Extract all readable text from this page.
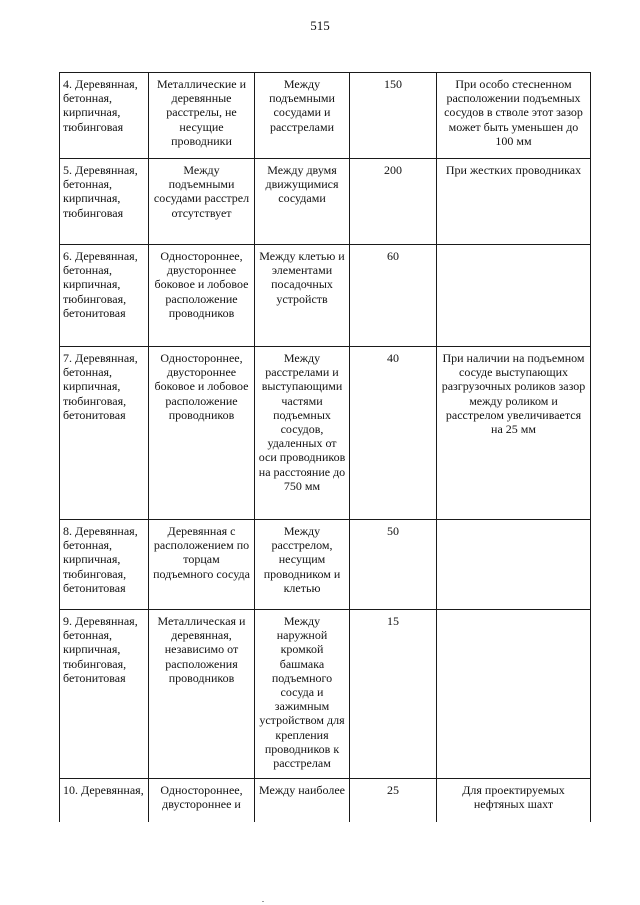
515
4. Деревянная, бетонная, кирпичная, тюбинговая	Металлические и деревянные расстрелы, не несущие проводники	Между подъемными сосудами и расстрелами	150	При особо стесненном расположении подъемных сосудов в стволе этот зазор может быть уменьшен до 100 мм

5. Деревянная, бетонная, кирпичная, тюбинговая	Между подъемными сосудами расстрел отсутствует	Между двумя движущимися сосудами	200	При жестких проводниках

6. Деревянная, бетонная, кирпичная, тюбинговая, бетонитовая	Одностороннее, двустороннее боковое и лобовое расположение проводников	Между клетью и элементами посадочных устройств	60	

7. Деревянная, бетонная, кирпичная, тюбинговая, бетонитовая	Одностороннее, двустороннее боковое и лобовое расположение проводников	Между расстрелами и выступающими частями подъемных сосудов, удаленных от оси проводников на расстояние до 750 мм	40	При наличии на подъемном сосуде выступающих разгрузочных роликов зазор между роликом и расстрелом увеличивается на 25 мм

8. Деревянная, бетонная, кирпичная, тюбинговая, бетонитовая	Деревянная с расположением по торцам подъемного сосуда	Между расстрелом, несущим проводником и клетью	50	

9. Деревянная, бетонная, кирпичная, тюбинговая, бетонитовая	Металлическая и деревянная, независимо от расположения проводников	Между наружной кромкой башмака подъемного сосуда и зажимным устройством для крепления проводников к расстрелам	15	

10. Деревянная,	Одностороннее, двустороннее и	Между наиболее	25	Для проектируемых нефтяных шахт
